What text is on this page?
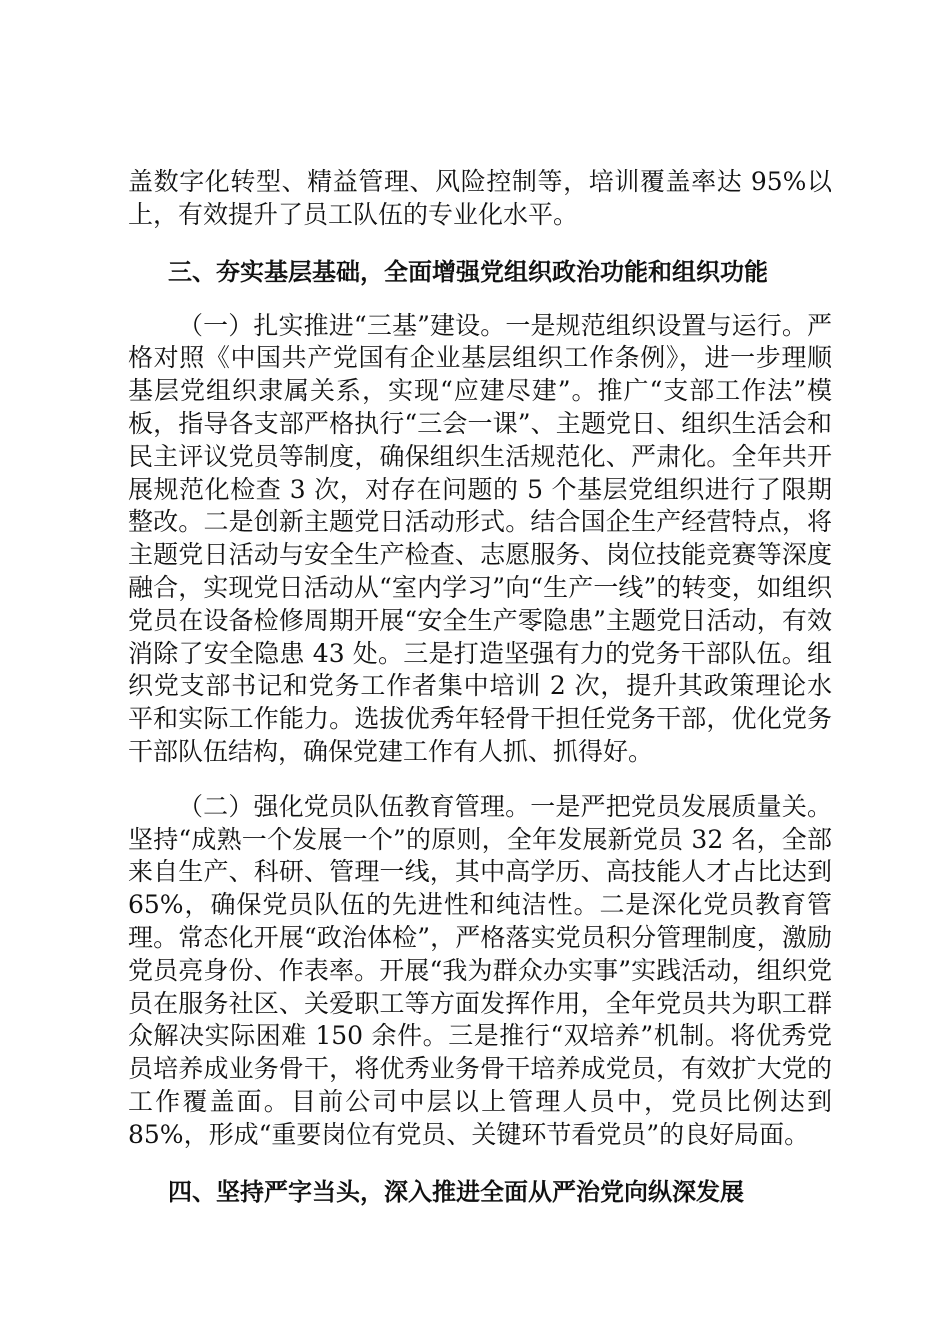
盖数字化转型、精益管理、风险控制等，培训覆盖率达 95%以上，有效提升了员工队伍的专业化水平。

三、夯实基层基础，全面增强党组织政治功能和组织功能

（一）扎实推进“三基”建设。一是规范组织设置与运行。严格对照《中国共产党国有企业基层组织工作条例》，进一步理顺基层党组织隶属关系，实现“应建尽建”。推广“支部工作法”模板，指导各支部严格执行“三会一课”、主题党日、组织生活会和民主评议党员等制度，确保组织生活规范化、严肃化。全年共开展规范化检查 3 次，对存在问题的 5 个基层党组织进行了限期整改。二是创新主题党日活动形式。结合国企生产经营特点，将主题党日活动与安全生产检查、志愿服务、岗位技能竞赛等深度融合，实现党日活动从“室内学习”向“生产一线”的转变，如组织党员在设备检修周期开展“安全生产零隐患”主题党日活动，有效消除了安全隐患 43 处。三是打造坚强有力的党务干部队伍。组织党支部书记和党务工作者集中培训 2 次，提升其政策理论水平和实际工作能力。选拔优秀年轻骨干担任党务干部，优化党务干部队伍结构，确保党建工作有人抓、抓得好。

（二）强化党员队伍教育管理。一是严把党员发展质量关。坚持“成熟一个发展一个”的原则，全年发展新党员 32 名，全部来自生产、科研、管理一线，其中高学历、高技能人才占比达到 65%，确保党员队伍的先进性和纯洁性。二是深化党员教育管理。常态化开展“政治体检”，严格落实党员积分管理制度，激励党员亮身份、作表率。开展“我为群众办实事”实践活动，组织党员在服务社区、关爱职工等方面发挥作用，全年党员共为职工群众解决实际困难 150 余件。三是推行“双培养”机制。将优秀党员培养成业务骨干，将优秀业务骨干培养成党员，有效扩大党的工作覆盖面。目前公司中层以上管理人员中，党员比例达到 85%，形成“重要岗位有党员、关键环节看党员”的良好局面。

四、坚持严字当头，深入推进全面从严治党向纵深发展
